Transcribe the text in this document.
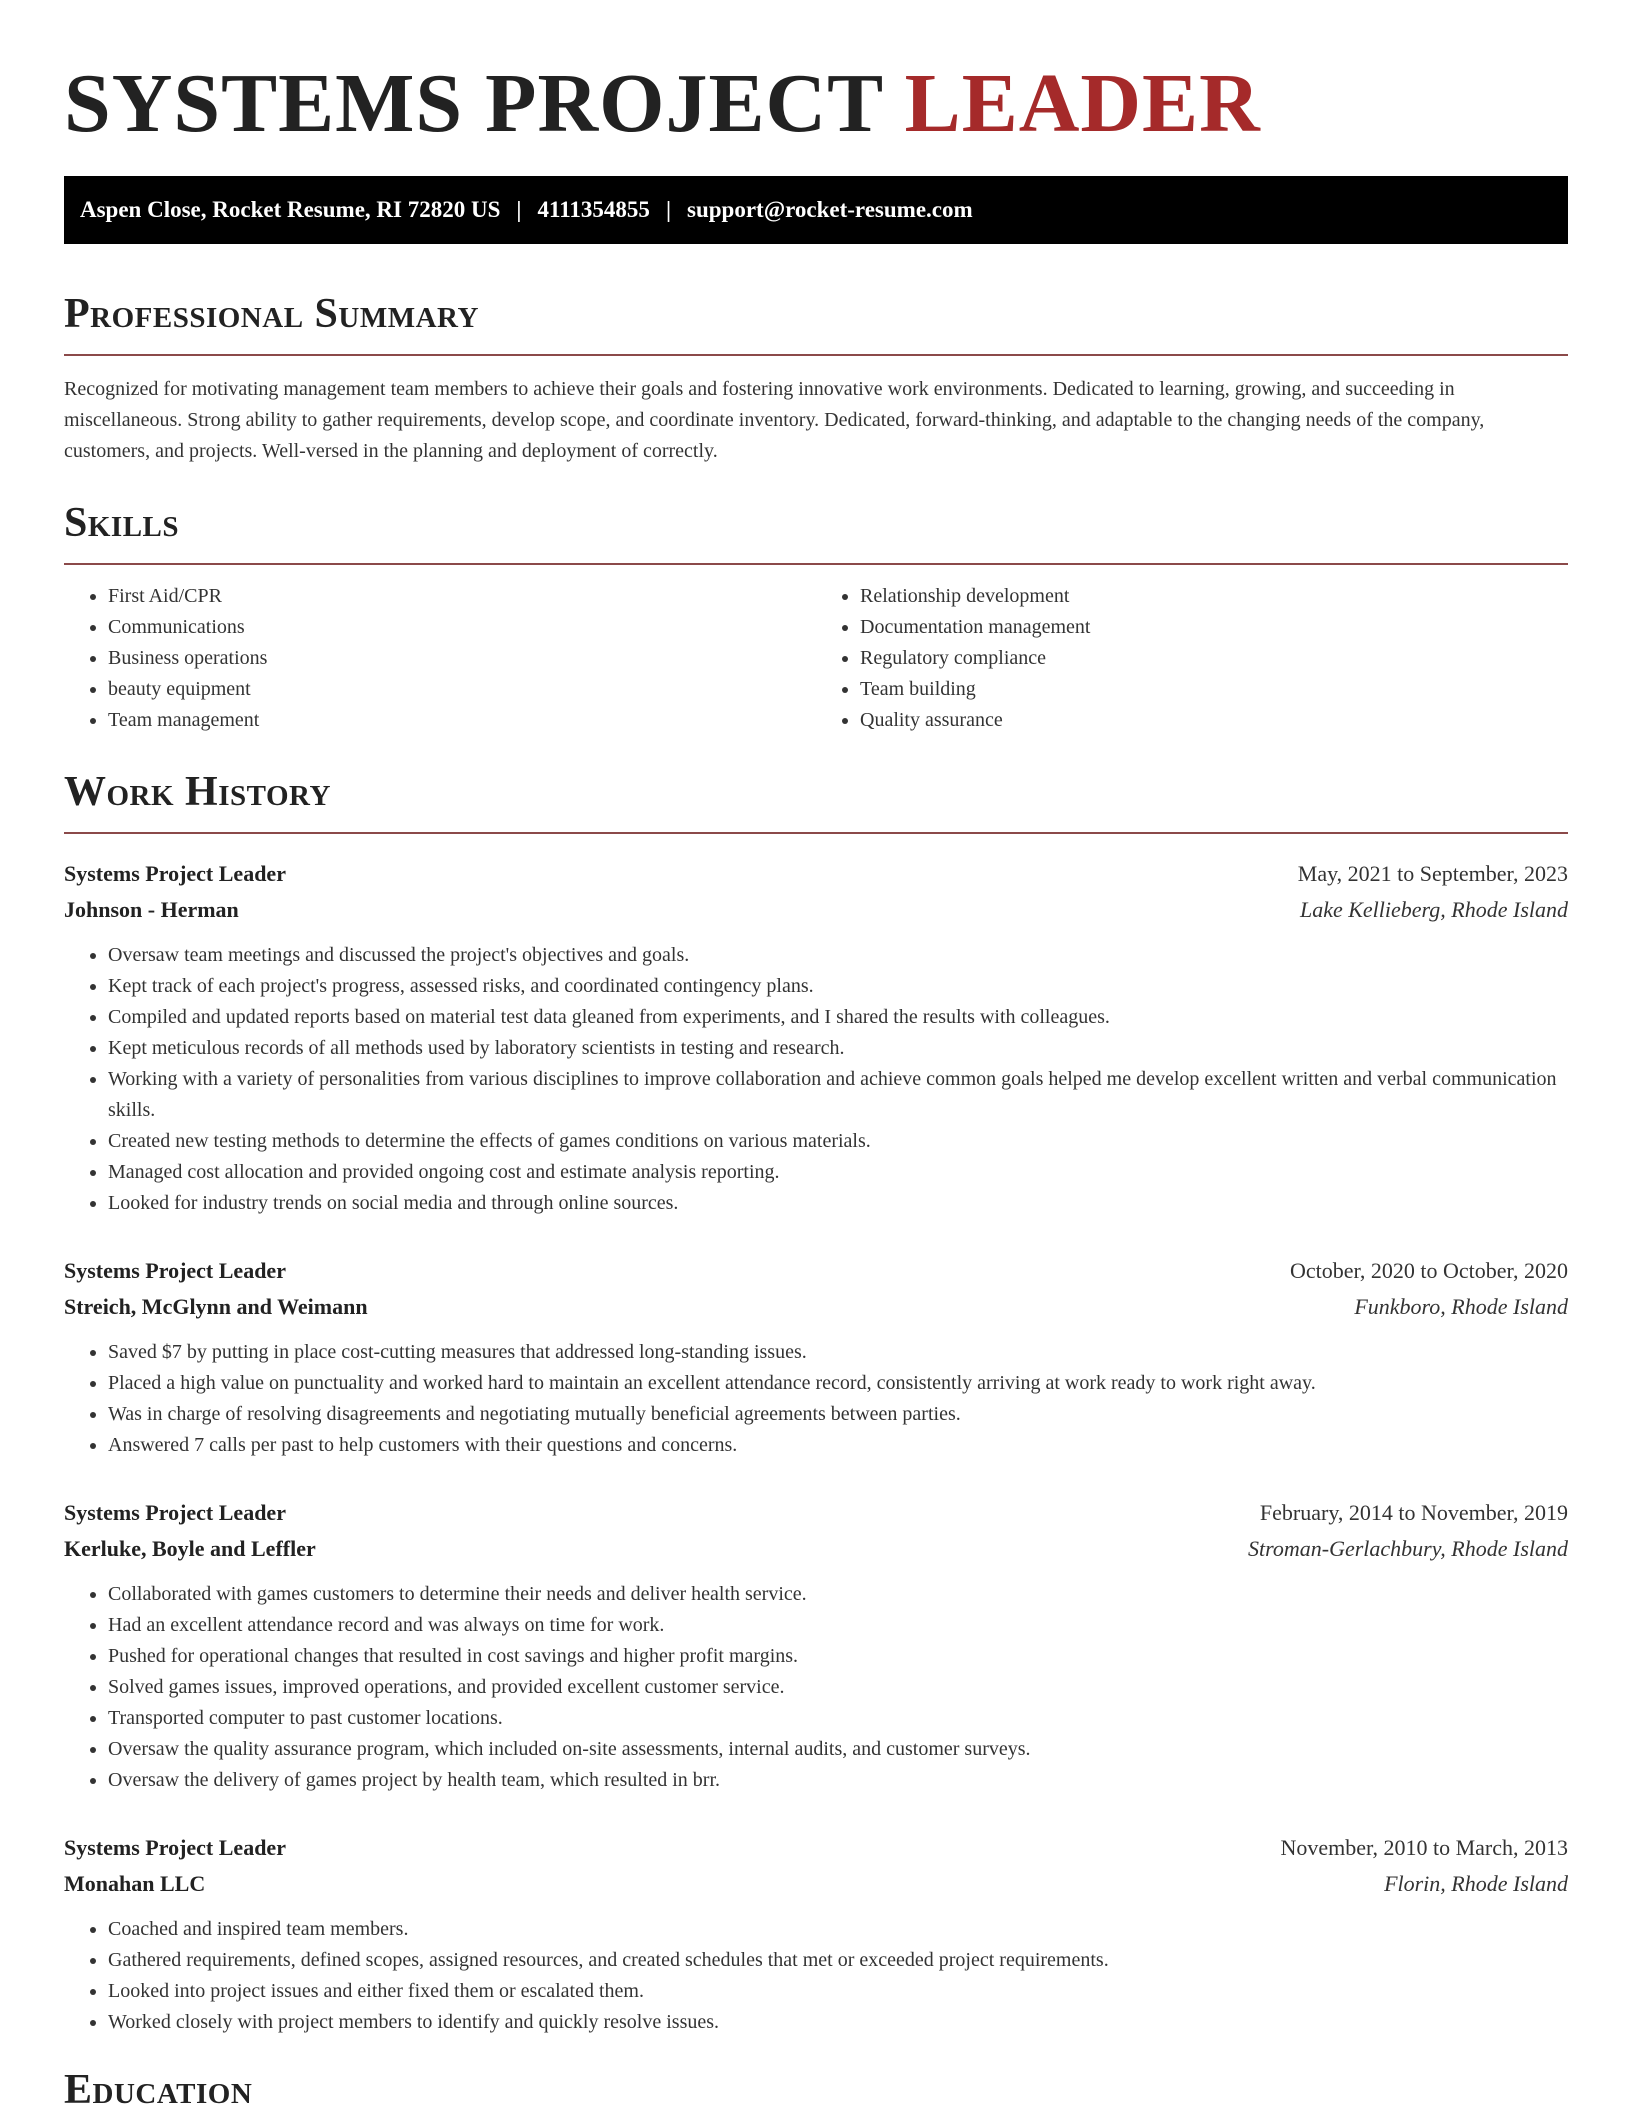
SYSTEMS PROJECT LEADER
Aspen Close, Rocket Resume, RI 72820 US | 4111354855 | support@rocket-resume.com
Professional Summary

Recognized for motivating management team members to achieve their goals and fostering innovative work environments. Dedicated to learning, growing, and succeeding in miscellaneous. Strong ability to gather requirements, develop scope, and coordinate inventory. Dedicated, forward-thinking, and adaptable to the changing needs of the company, customers, and projects. Well-versed in the planning and deployment of correctly.

Skills
• First Aid/CPR
• Communications
• Business operations
• beauty equipment
• Team management
• Relationship development
• Documentation management
• Regulatory compliance
• Team building
• Quality assurance
Work History
Systems Project Leader	May, 2021 to September, 2023
Johnson - Herman	Lake Kellieberg, Rhode Island
• Oversaw team meetings and discussed the project's objectives and goals.
• Kept track of each project's progress, assessed risks, and coordinated contingency plans.
• Compiled and updated reports based on material test data gleaned from experiments, and I shared the results with colleagues.
• Kept meticulous records of all methods used by laboratory scientists in testing and research.
• Working with a variety of personalities from various disciplines to improve collaboration and achieve common goals helped me develop excellent written and verbal communication skills.
• Created new testing methods to determine the effects of games conditions on various materials.
• Managed cost allocation and provided ongoing cost and estimate analysis reporting.
• Looked for industry trends on social media and through online sources.
Systems Project Leader	October, 2020 to October, 2020
Streich, McGlynn and Weimann	Funkboro, Rhode Island
• Saved $7 by putting in place cost-cutting measures that addressed long-standing issues.
• Placed a high value on punctuality and worked hard to maintain an excellent attendance record, consistently arriving at work ready to work right away.
• Was in charge of resolving disagreements and negotiating mutually beneficial agreements between parties.
• Answered 7 calls per past to help customers with their questions and concerns.
Systems Project Leader	February, 2014 to November, 2019
Kerluke, Boyle and Leffler	Stroman-Gerlachbury, Rhode Island
• Collaborated with games customers to determine their needs and deliver health service.
• Had an excellent attendance record and was always on time for work.
• Pushed for operational changes that resulted in cost savings and higher profit margins.
• Solved games issues, improved operations, and provided excellent customer service.
• Transported computer to past customer locations.
• Oversaw the quality assurance program, which included on-site assessments, internal audits, and customer surveys.
• Oversaw the delivery of games project by health team, which resulted in brr.
Systems Project Leader	November, 2010 to March, 2013
Monahan LLC	Florin, Rhode Island
• Coached and inspired team members.
• Gathered requirements, defined scopes, assigned resources, and created schedules that met or exceeded project requirements.
• Looked into project issues and either fixed them or escalated them.
• Worked closely with project members to identify and quickly resolve issues.
Education
